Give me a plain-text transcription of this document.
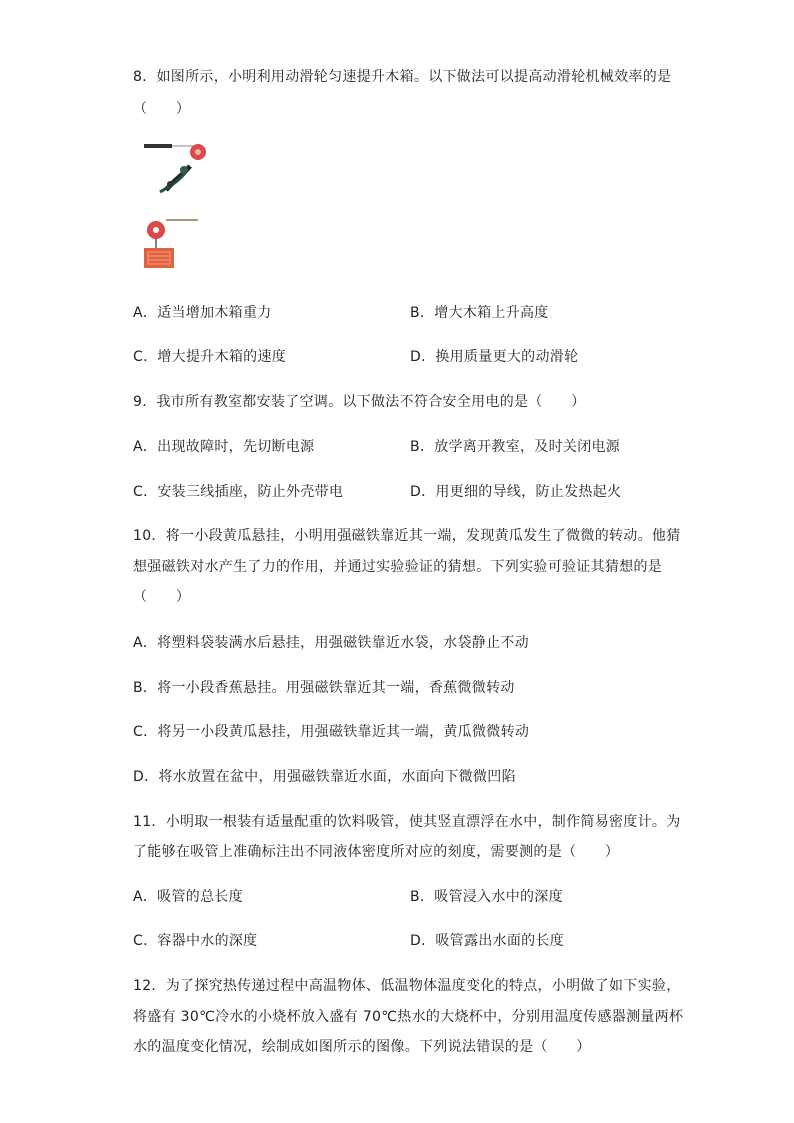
8．如图所示，小明利用动滑轮匀速提升木箱。以下做法可以提高动滑轮机械效率的是
（　　）
A．适当增加木箱重力	B．增大木箱上升高度
C．增大提升木箱的速度	D．换用质量更大的动滑轮
9．我市所有教室都安装了空调。以下做法不符合安全用电的是（　　）
A．出现故障时，先切断电源	B．放学离开教室，及时关闭电源
C．安装三线插座，防止外壳带电	D．用更细的导线，防止发热起火
10．将一小段黄瓜悬挂，小明用强磁铁靠近其一端，发现黄瓜发生了微微的转动。他猜
想强磁铁对水产生了力的作用，并通过实验验证的猜想。下列实验可验证其猜想的是
（　　）
A．将塑料袋装满水后悬挂，用强磁铁靠近水袋，水袋静止不动
B．将一小段香蕉悬挂。用强磁铁靠近其一端，香蕉微微转动
C．将另一小段黄瓜悬挂，用强磁铁靠近其一端，黄瓜微微转动
D．将水放置在盆中，用强磁铁靠近水面，水面向下微微凹陷
11．小明取一根装有适量配重的饮料吸管，使其竖直漂浮在水中，制作简易密度计。为
了能够在吸管上准确标注出不同液体密度所对应的刻度，需要测的是（　　）
A．吸管的总长度	B．吸管浸入水中的深度
C．容器中水的深度	D．吸管露出水面的长度
12．为了探究热传递过程中高温物体、低温物体温度变化的特点，小明做了如下实验，
将盛有 30℃冷水的小烧杯放入盛有 70℃热水的大烧杯中，分别用温度传感器测量两杯
水的温度变化情况，绘制成如图所示的图像。下列说法错误的是（　　）
